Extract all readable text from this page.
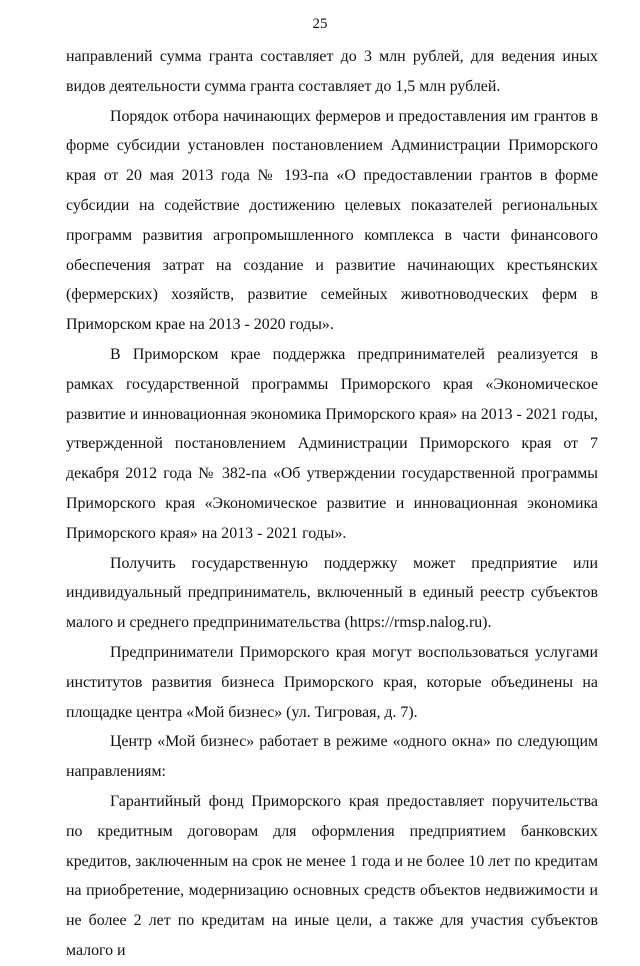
25

направлений сумма гранта составляет до 3 млн рублей, для ведения иных видов деятельности сумма гранта составляет до 1,5 млн рублей.

Порядок отбора начинающих фермеров и предоставления им грантов в форме субсидии установлен постановлением Администрации Приморского края от 20 мая 2013 года № 193-па «О предоставлении грантов в форме субсидии на содействие достижению целевых показателей региональных программ развития агропромышленного комплекса в части финансового обеспечения затрат на создание и развитие начинающих крестьянских (фермерских) хозяйств, развитие семейных животноводческих ферм в Приморском крае на 2013 - 2020 годы».

В Приморском крае поддержка предпринимателей реализуется в рамках государственной программы Приморского края «Экономическое развитие и инновационная экономика Приморского края» на 2013 - 2021 годы, утвержденной постановлением Администрации Приморского края от 7 декабря 2012 года № 382-па «Об утверждении государственной программы Приморского края «Экономическое развитие и инновационная экономика Приморского края» на 2013 - 2021 годы».

Получить государственную поддержку может предприятие или индивидуальный предприниматель, включенный в единый реестр субъектов малого и среднего предпринимательства (https://rmsp.nalog.ru).

Предприниматели Приморского края могут воспользоваться услугами институтов развития бизнеса Приморского края, которые объединены на площадке центра «Мой бизнес» (ул. Тигровая, д. 7).

Центр «Мой бизнес» работает в режиме «одного окна» по следующим направлениям:

Гарантийный фонд Приморского края предоставляет поручительства по кредитным договорам для оформления предприятием банковских кредитов, заключенным на срок не менее 1 года и не более 10 лет по кредитам на приобретение, модернизацию основных средств объектов недвижимости и не более 2 лет по кредитам на иные цели, а также для участия субъектов малого и
